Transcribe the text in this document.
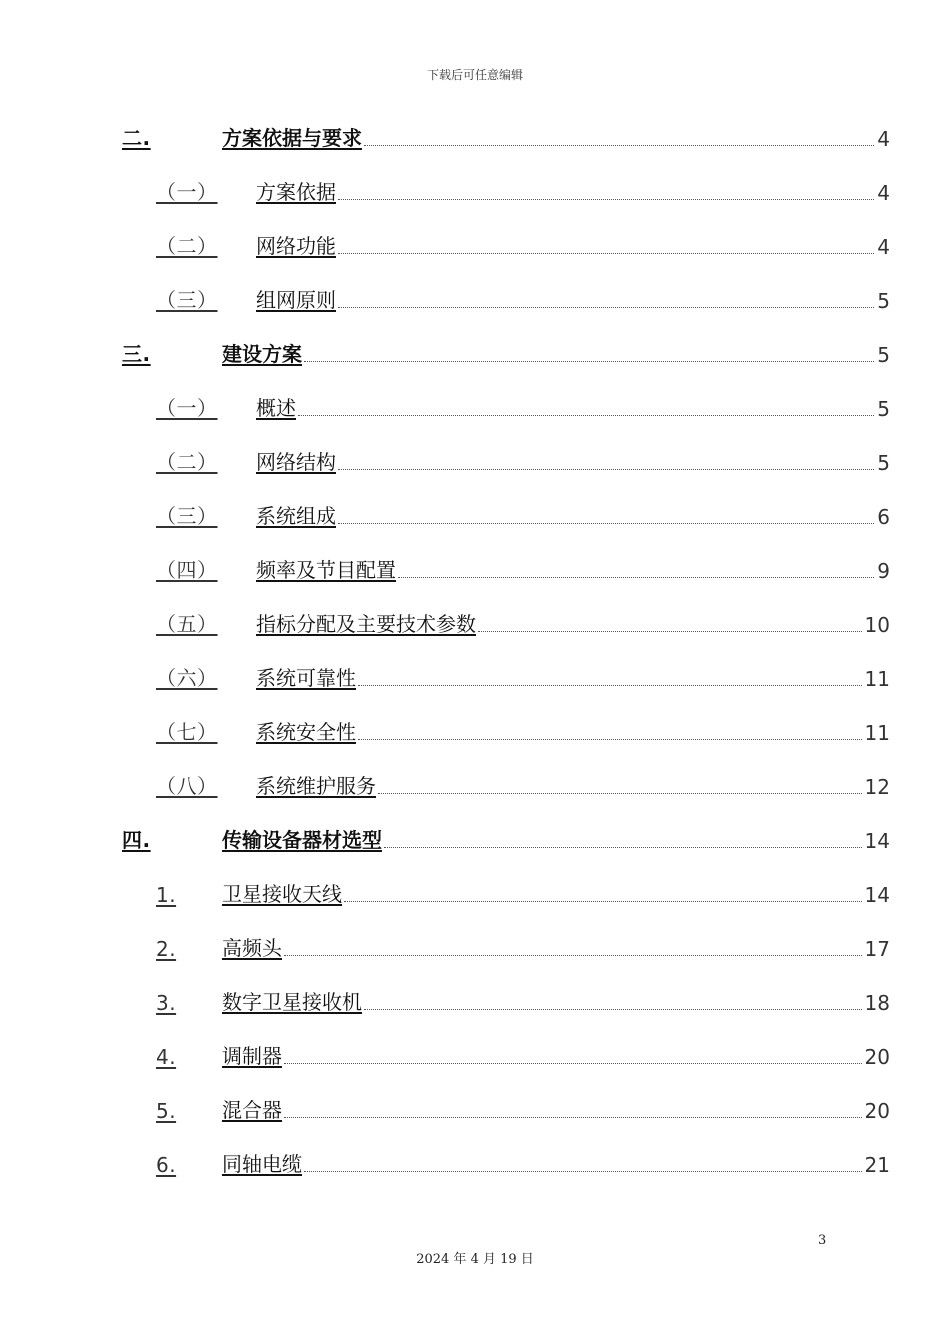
下载后可任意编辑
二.	方案依据与要求	4
（一） 方案依据	4
（二） 网络功能	4
（三） 组网原则	5
三.	建设方案	5
（一） 概述	5
（二） 网络结构	5
（三） 系统组成	6
（四） 频率及节目配置	9
（五） 指标分配及主要技术参数	10
（六） 系统可靠性	11
（七） 系统安全性	11
（八） 系统维护服务	12
四.	传输设备器材选型	14
1. 卫星接收天线	14
2. 高频头	17
3. 数字卫星接收机	18
4. 调制器	20
5. 混合器	20
6. 同轴电缆	21
3
2024 年 4 月 19 日
